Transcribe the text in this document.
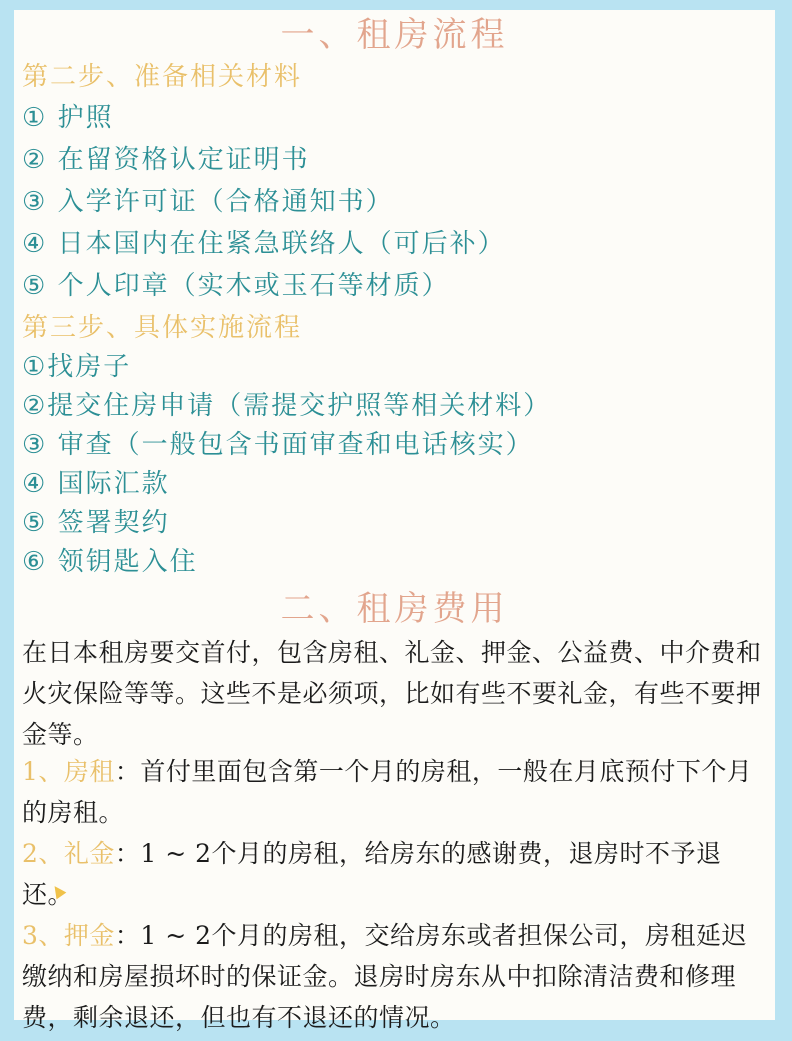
一、租房流程
第二步、准备相关材料
① 护照
② 在留资格认定证明书
③ 入学许可证（合格通知书）
④ 日本国内在住紧急联络人（可后补）
⑤ 个人印章（实木或玉石等材质）
第三步、具体实施流程
①找房子
②提交住房申请（需提交护照等相关材料）
③ 审查（一般包含书面审查和电话核实）
④ 国际汇款
⑤ 签署契约
⑥ 领钥匙入住
二、租房费用
在日本租房要交首付，包含房租、礼金、押金、公益费、中介费和火灾保险等等。这些不是必须项，比如有些不要礼金，有些不要押金等。
1、房租：首付里面包含第一个月的房租，一般在月底预付下个月的房租。
2、礼金：1 ~ 2个月的房租，给房东的感谢费，退房时不予退还。
3、押金：1 ~ 2个月的房租，交给房东或者担保公司，房租延迟缴纳和房屋损坏时的保证金。退房时房东从中扣除清洁费和修理费，剩余退还，但也有不退还的情况。
